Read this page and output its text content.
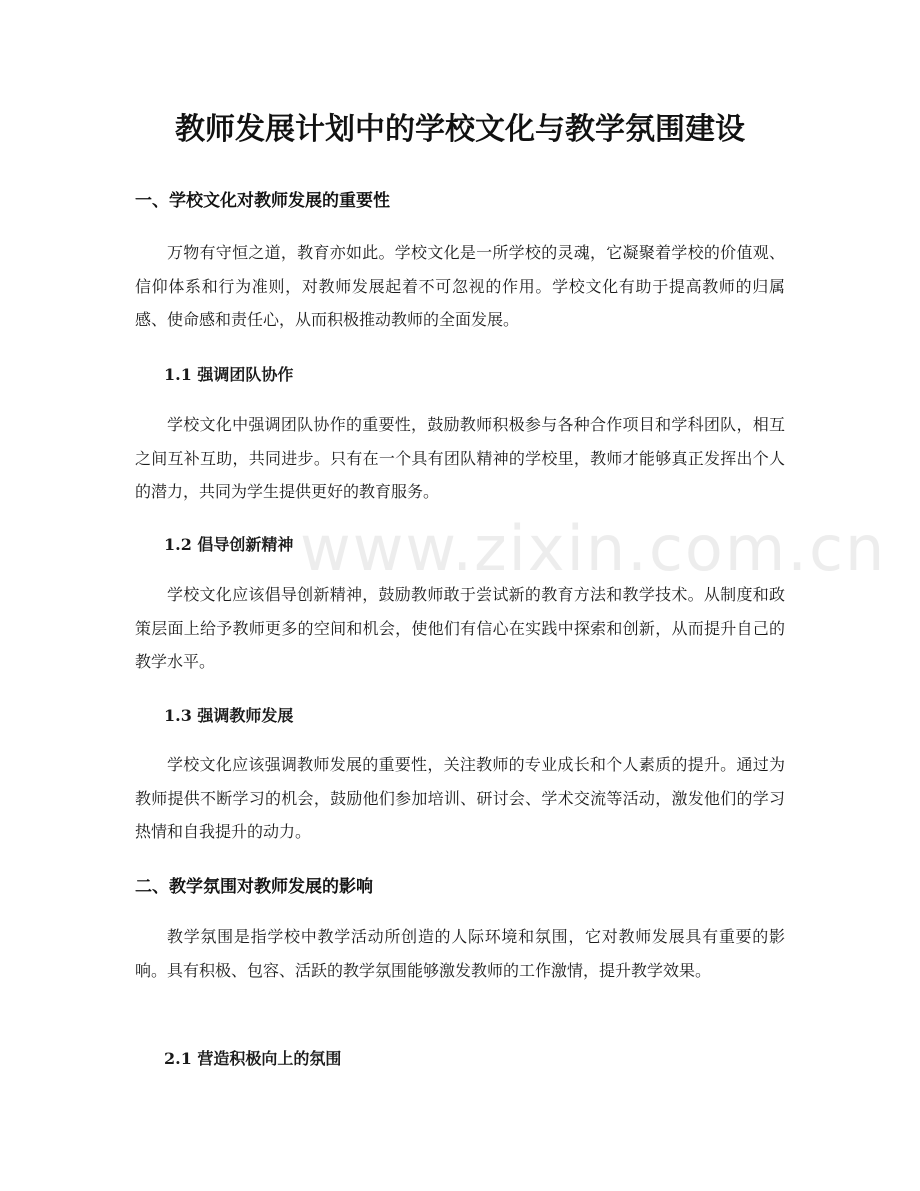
教师发展计划中的学校文化与教学氛围建设
一、学校文化对教师发展的重要性

万物有守恒之道，教育亦如此。学校文化是一所学校的灵魂，它凝聚着学校的价值观、信仰体系和行为准则，对教师发展起着不可忽视的作用。学校文化有助于提高教师的归属感、使命感和责任心，从而积极推动教师的全面发展。

1.1 强调团队协作

学校文化中强调团队协作的重要性，鼓励教师积极参与各种合作项目和学科团队，相互之间互补互助，共同进步。只有在一个具有团队精神的学校里，教师才能够真正发挥出个人的潜力，共同为学生提供更好的教育服务。

1.2 倡导创新精神

学校文化应该倡导创新精神，鼓励教师敢于尝试新的教育方法和教学技术。从制度和政策层面上给予教师更多的空间和机会，使他们有信心在实践中探索和创新，从而提升自己的教学水平。

1.3 强调教师发展

学校文化应该强调教师发展的重要性，关注教师的专业成长和个人素质的提升。通过为教师提供不断学习的机会，鼓励他们参加培训、研讨会、学术交流等活动，激发他们的学习热情和自我提升的动力。

二、教学氛围对教师发展的影响

教学氛围是指学校中教学活动所创造的人际环境和氛围，它对教师发展具有重要的影响。具有积极、包容、活跃的教学氛围能够激发教师的工作激情，提升教学效果。

2.1 营造积极向上的氛围
www.zixin.com.cn
